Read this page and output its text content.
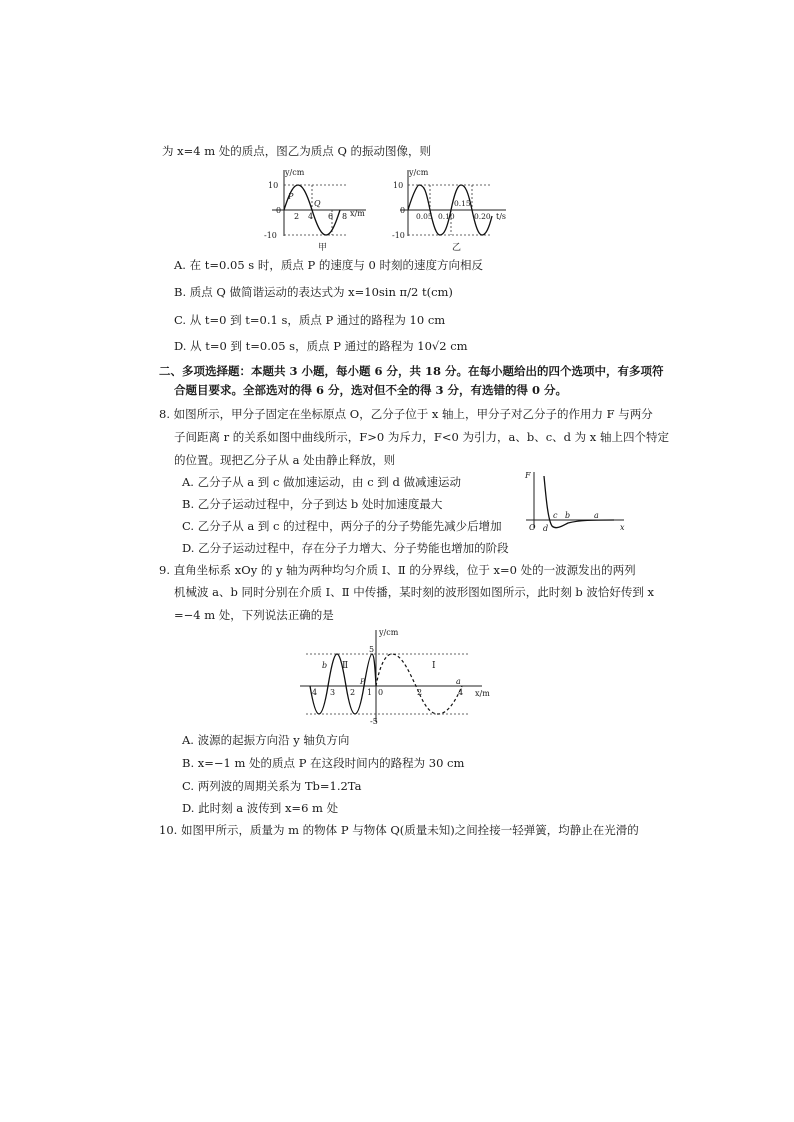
为 x=4 m 处的质点，图乙为质点 Q 的振动图像，则
y/cm
x/m
10
0
-10
2 4 6 8
P
Q
甲
y/cm
t/s
10
0
-10
0.05 0.10
0.15
0.20
乙
A. 在 t=0.05 s 时，质点 P 的速度与 0 时刻的速度方向相反
B. 质点 Q 做简谐运动的表达式为 x=10sin π/2 t(cm)
C. 从 t=0 到 t=0.1 s，质点 P 通过的路程为 10 cm
D. 从 t=0 到 t=0.05 s，质点 P 通过的路程为 10√2 cm
二、多项选择题：本题共 3 小题，每小题 6 分，共 18 分。在每小题给出的四个选项中，有多项符
合题目要求。全部选对的得 6 分，选对但不全的得 3 分，有选错的得 0 分。
8. 如图所示，甲分子固定在坐标原点 O，乙分子位于 x 轴上，甲分子对乙分子的作用力 F 与两分
子间距离 r 的关系如图中曲线所示，F>0 为斥力，F<0 为引力，a、b、c、d 为 x 轴上四个特定
的位置。现把乙分子从 a 处由静止释放，则
A. 乙分子从 a 到 c 做加速运动，由 c 到 d 做减速运动
B. 乙分子运动过程中，分子到达 b 处时加速度最大
C. 乙分子从 a 到 c 的过程中，两分子的分子势能先减少后增加
D. 乙分子运动过程中，存在分子力增大、分子势能也增加的阶段
F
x
O d
c b	a
9. 直角坐标系 xOy 的 y 轴为两种均匀介质 Ⅰ、Ⅱ 的分界线，位于 x=0 处的一波源发出的两列
机械波 a、b 同时分别在介质 Ⅰ、Ⅱ 中传播，某时刻的波形图如图所示，此时刻 b 波恰好传到 x
=−4 m 处，下列说法正确的是
y/cm
x/m
5
-5
4 3 2 1 0	2	4
b Ⅱ
P
Ⅰ
a
A. 波源的起振方向沿 y 轴负方向
B. x=−1 m 处的质点 P 在这段时间内的路程为 30 cm
C. 两列波的周期关系为 Tb=1.2Ta
D. 此时刻 a 波传到 x=6 m 处
10. 如图甲所示，质量为 m 的物体 P 与物体 Q(质量未知)之间拴接一轻弹簧，均静止在光滑的
